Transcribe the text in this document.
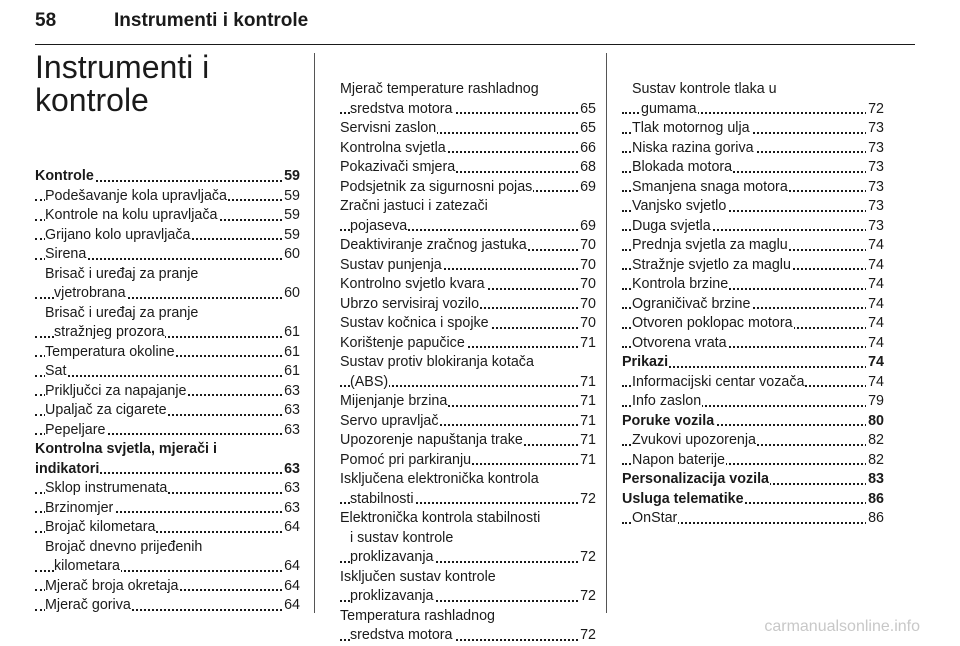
58	Instrumenti i kontrole
Instrumenti i
kontrole
Kontrole	59
Podešavanje kola upravljača	59
Kontrole na kolu upravljača	59
Grijano kolo upravljača	59
Sirena	60
Brisač i uređaj za pranje
vjetrobrana	60
Brisač i uređaj za pranje
stražnjeg prozora	61
Temperatura okoline	61
Sat	61
Priključci za napajanje	63
Upaljač za cigarete	63
Pepeljare	63
Kontrolna svjetla, mjerači i
indikatori	63
Sklop instrumenata	63
Brzinomjer	63
Brojač kilometara	64
Brojač dnevno prijeđenih
kilometara	64
Mjerač broja okretaja	64
Mjerač goriva	64
Mjerač temperature rashladnog
sredstva motora	65
Servisni zaslon	65
Kontrolna svjetla	66
Pokazivači smjera	68
Podsjetnik za sigurnosni pojas	69
Zračni jastuci i zatezači
pojaseva	69
Deaktiviranje zračnog jastuka	70
Sustav punjenja	70
Kontrolno svjetlo kvara	70
Ubrzo servisiraj vozilo	70
Sustav kočnica i spojke	70
Korištenje papučice	71
Sustav protiv blokiranja kotača
(ABS)	71
Mijenjanje brzina	71
Servo upravljač	71
Upozorenje napuštanja trake	71
Pomoć pri parkiranju	71
Isključena elektronička kontrola
stabilnosti	72
Elektronička kontrola stabilnosti
i sustav kontrole
proklizavanja	72
Isključen sustav kontrole
proklizavanja	72
Temperatura rashladnog
sredstva motora	72
Sustav kontrole tlaka u
gumama	72
Tlak motornog ulja	73
Niska razina goriva	73
Blokada motora	73
Smanjena snaga motora	73
Vanjsko svjetlo	73
Duga svjetla	73
Prednja svjetla za maglu	74
Stražnje svjetlo za maglu	74
Kontrola brzine	74
Ograničivač brzine	74
Otvoren poklopac motora	74
Otvorena vrata	74
Prikazi	74
Informacijski centar vozača	74
Info zaslon	79
Poruke vozila	80
Zvukovi upozorenja	82
Napon baterije	82
Personalizacija vozila	83
Usluga telematike	86
OnStar	86
carmanualsonline.info
